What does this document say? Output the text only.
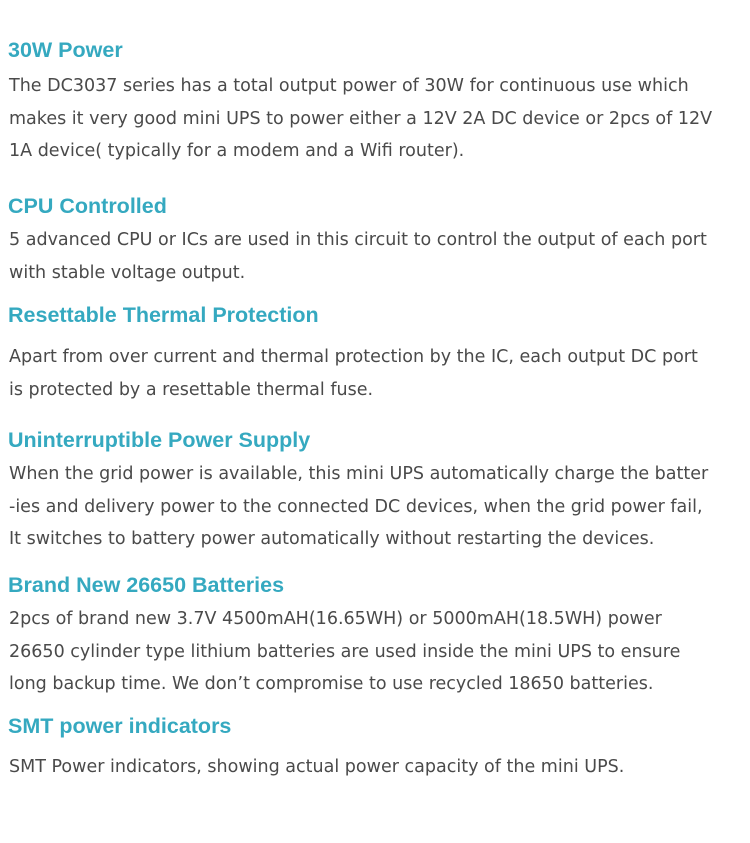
30W Power

The DC3037 series has a total output power of 30W for continuous use which
makes it very good mini UPS to power either a 12V 2A DC device or 2pcs of 12V
1A device( typically for a modem and a Wifi router).

CPU Controlled

5 advanced CPU or ICs are used in this circuit to control the output of each port
with stable voltage output.

Resettable Thermal Protection

Apart from over current and thermal protection by the IC, each output DC port
is protected by a resettable thermal fuse.

Uninterruptible Power Supply

When the grid power is available, this mini UPS automatically charge the batter
-ies and delivery power to the connected DC devices, when the grid power fail,
It switches to battery power automatically without restarting the devices.

Brand New 26650 Batteries

2pcs of brand new 3.7V 4500mAH(16.65WH) or 5000mAH(18.5WH) power
26650 cylinder type lithium batteries are used inside the mini UPS to ensure
long backup time. We don’t compromise to use recycled 18650 batteries.

SMT power indicators

SMT Power indicators, showing actual power capacity of the mini UPS.
